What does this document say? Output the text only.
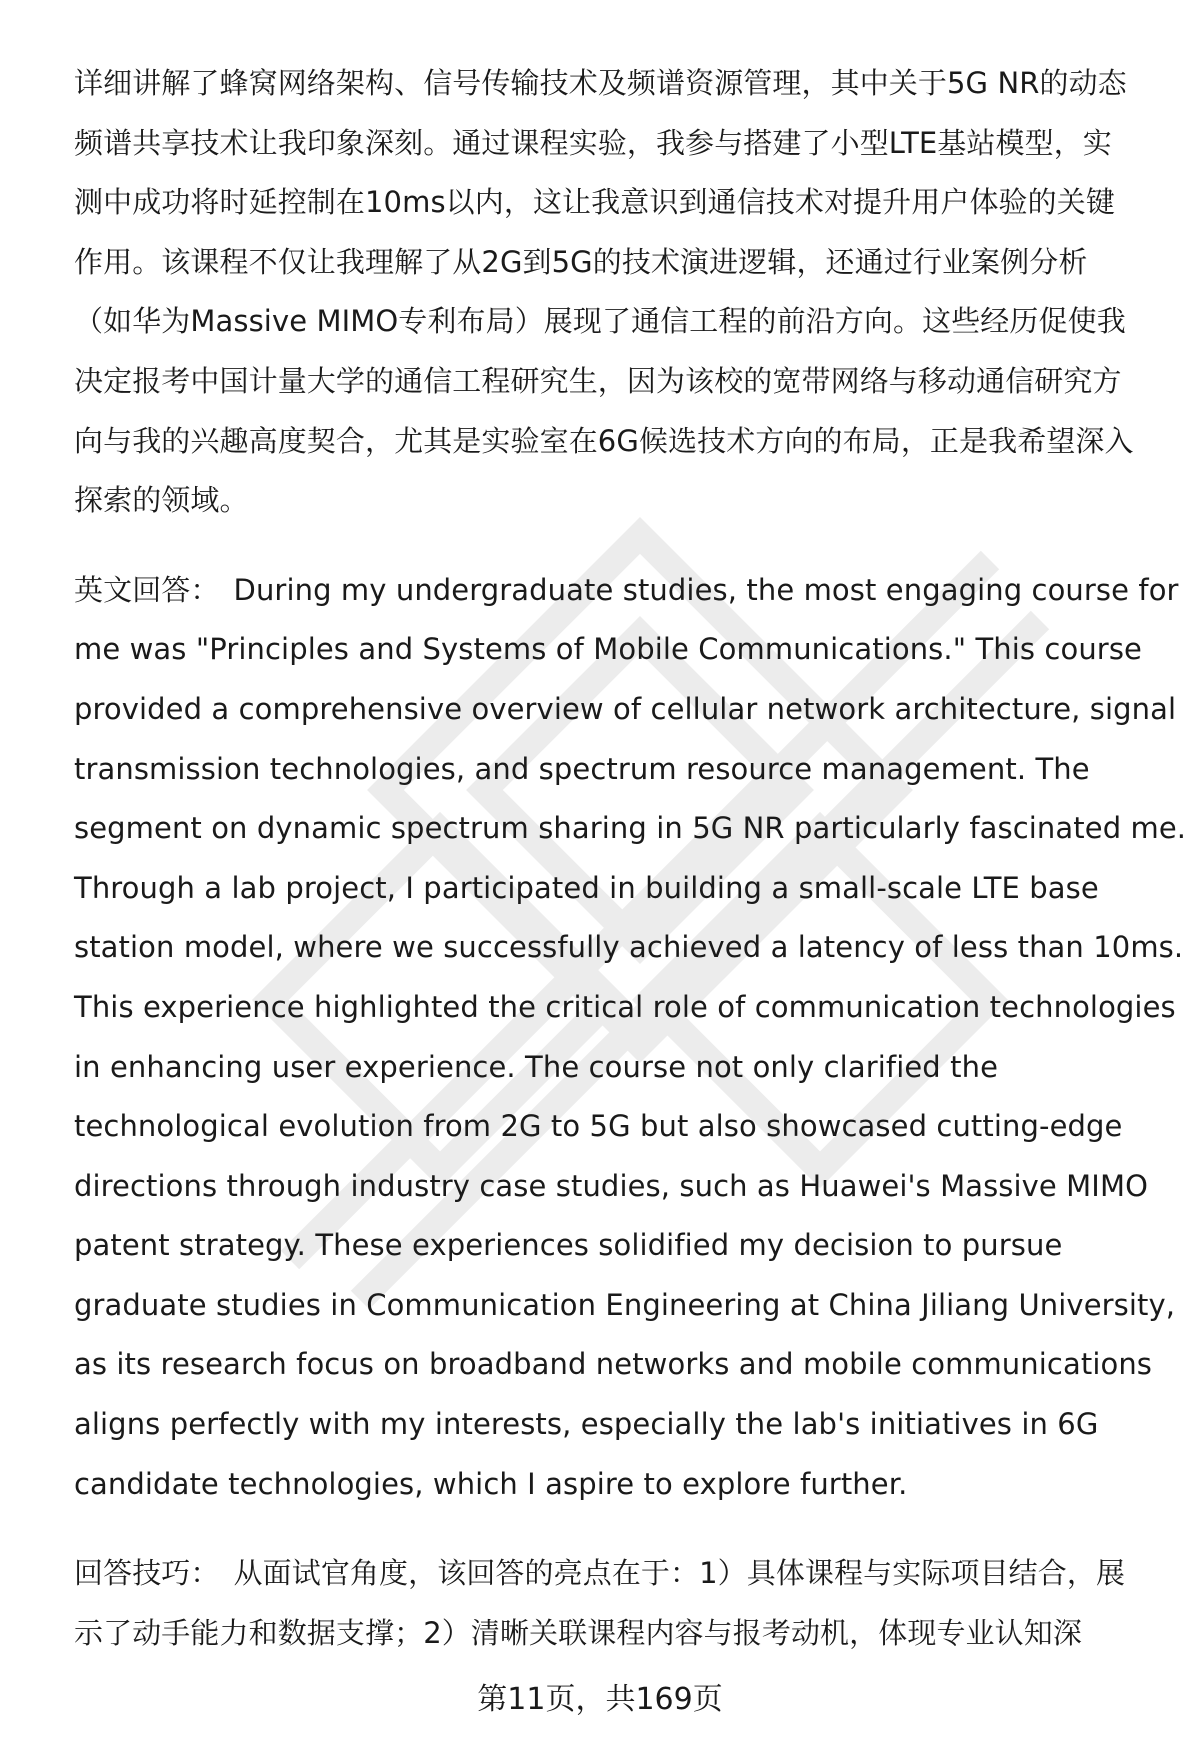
详细讲解了蜂窝网络架构、信号传输技术及频谱资源管理，其中关于5G NR的动态
频谱共享技术让我印象深刻。通过课程实验，我参与搭建了小型LTE基站模型，实
测中成功将时延控制在10ms以内，这让我意识到通信技术对提升用户体验的关键
作用。该课程不仅让我理解了从2G到5G的技术演进逻辑，还通过行业案例分析
（如华为Massive MIMO专利布局）展现了通信工程的前沿方向。这些经历促使我
决定报考中国计量大学的通信工程研究生，因为该校的宽带网络与移动通信研究方
向与我的兴趣高度契合，尤其是实验室在6G候选技术方向的布局，正是我希望深入
探索的领域。
英文回答： During my undergraduate studies, the most engaging course for
me was "Principles and Systems of Mobile Communications." This course
provided a comprehensive overview of cellular network architecture, signal
transmission technologies, and spectrum resource management. The
segment on dynamic spectrum sharing in 5G NR particularly fascinated me.
Through a lab project, I participated in building a small-scale LTE base
station model, where we successfully achieved a latency of less than 10ms.
This experience highlighted the critical role of communication technologies
in enhancing user experience. The course not only clarified the
technological evolution from 2G to 5G but also showcased cutting-edge
directions through industry case studies, such as Huawei's Massive MIMO
patent strategy. These experiences solidified my decision to pursue
graduate studies in Communication Engineering at China Jiliang University,
as its research focus on broadband networks and mobile communications
aligns perfectly with my interests, especially the lab's initiatives in 6G
candidate technologies, which I aspire to explore further.
回答技巧： 从面试官角度，该回答的亮点在于：1）具体课程与实际项目结合，展
示了动手能力和数据支撑；2）清晰关联课程内容与报考动机，体现专业认知深
第11页，共169页
